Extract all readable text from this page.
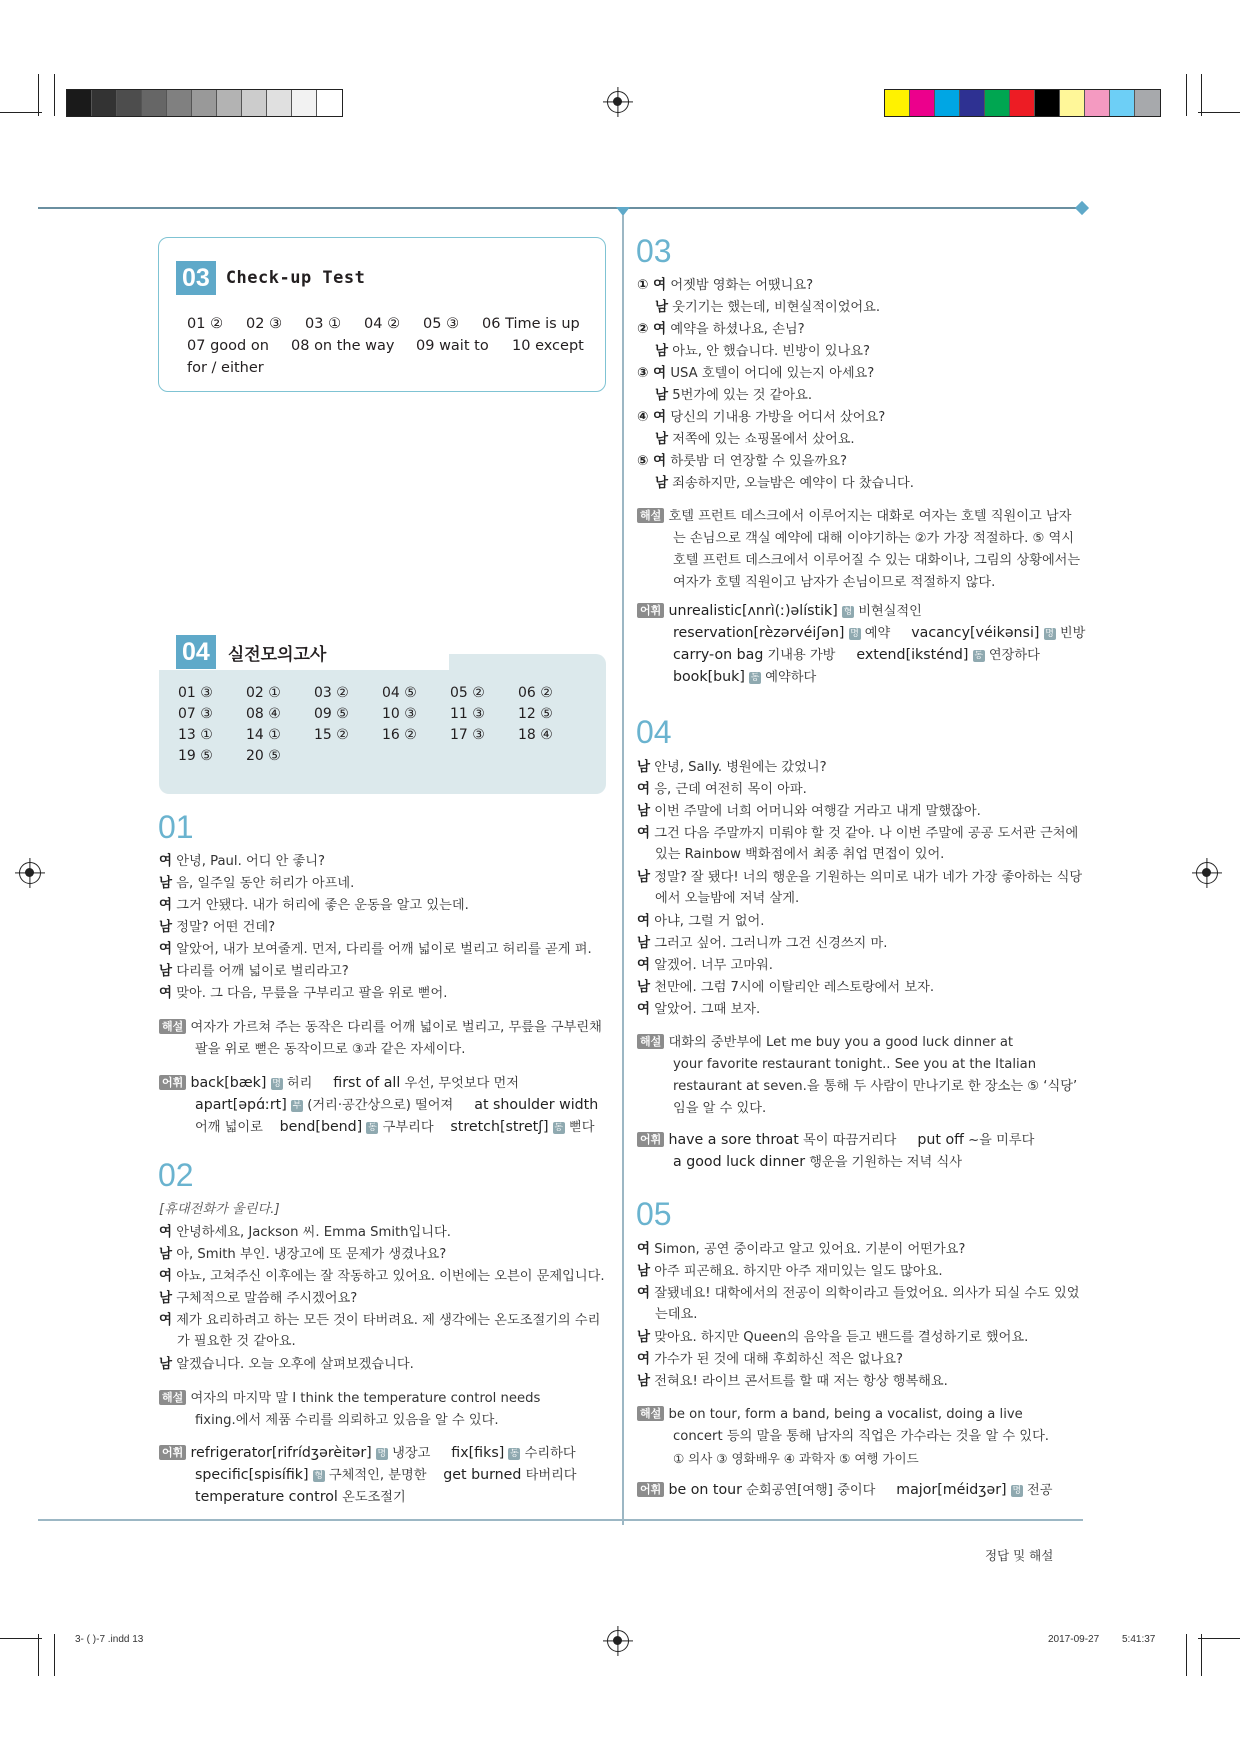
03 Check-up Test
01 ②	02 ③	03 ①	04 ②	05 ③	06 Time is up
07 good on	08 on the way	09 wait to	10 except
for / either
04	실전모의고사
01 ③	02 ①	03 ②	04 ⑤	05 ②	06 ②
07 ③	08 ④	09 ⑤	10 ③	11 ③	12 ⑤
13 ①	14 ①	15 ②	16 ②	17 ③	18 ④
19 ⑤	20 ⑤
01
여 안녕, Paul. 어디 안 좋니?
남 음, 일주일 동안 허리가 아프네.
여 그거 안됐다. 내가 허리에 좋은 운동을 알고 있는데.
남 정말? 어떤 건데?
여 알았어, 내가 보여줄게. 먼저, 다리를 어깨 넓이로 벌리고 허리를 곧게 펴.
남 다리를 어깨 넓이로 벌리라고?
여 맞아. 그 다음, 무릎을 구부리고 팔을 위로 뻗어.
해설 여자가 가르쳐 주는 동작은 다리를 어깨 넓이로 벌리고, 무릎을 구부린채
팔을 위로 뻗은 동작이므로 ③과 같은 자세이다.
어휘 back[bæk] 명 허리 first of all 우선, 무엇보다 먼저
apart[əpɑ́ːrt] 부 (거리·공간상으로) 떨어져 at shoulder width
어깨 넓이로 bend[bend] 동 구부리다 stretch[stretʃ] 동 뻗다
02
[휴대전화가 울린다.]
여 안녕하세요, Jackson 씨. Emma Smith입니다.
남 아, Smith 부인. 냉장고에 또 문제가 생겼나요?
여 아뇨, 고쳐주신 이후에는 잘 작동하고 있어요. 이번에는 오븐이 문제입니다.
남 구체적으로 말씀해 주시겠어요?
여 제가 요리하려고 하는 모든 것이 타버려요. 제 생각에는 온도조절기의 수리
가 필요한 것 같아요.
남 알겠습니다. 오늘 오후에 살펴보겠습니다.
해설 여자의 마지막 말 I think the temperature control needs
fixing.에서 제품 수리를 의뢰하고 있음을 알 수 있다.
어휘 refrigerator[rifrídʒərèitər] 명 냉장고 fix[fiks] 동 수리하다
specific[spisífik] 형 구체적인, 분명한 get burned 타버리다
temperature control 온도조절기
03
① 여 어젯밤 영화는 어땠니요?
남 웃기기는 했는데, 비현실적이었어요.
② 여 예약을 하셨나요, 손님?
남 아뇨, 안 했습니다. 빈방이 있나요?
③ 여 USA 호텔이 어디에 있는지 아세요?
남 5번가에 있는 것 같아요.
④ 여 당신의 기내용 가방을 어디서 샀어요?
남 저쪽에 있는 쇼핑몰에서 샀어요.
⑤ 여 하룻밤 더 연장할 수 있을까요?
남 죄송하지만, 오늘밤은 예약이 다 찼습니다.
해설 호텔 프런트 데스크에서 이루어지는 대화로 여자는 호텔 직원이고 남자
는 손님으로 객실 예약에 대해 이야기하는 ②가 가장 적절하다. ⑤ 역시
호텔 프런트 데스크에서 이루어질 수 있는 대화이나, 그림의 상황에서는
여자가 호텔 직원이고 남자가 손님이므로 적절하지 않다.
어휘 unrealistic[ʌnrì(ː)əlístik] 형 비현실적인
reservation[rèzərvéiʃən] 명 예약 vacancy[véikənsi] 명 빈방
carry-on bag 기내용 가방 extend[iksténd] 동 연장하다
book[buk] 동 예약하다
04
남 안녕, Sally. 병원에는 갔었니?
여 응, 근데 여전히 목이 아파.
남 이번 주말에 너희 어머니와 여행갈 거라고 내게 말했잖아.
여 그건 다음 주말까지 미뤄야 할 것 같아. 나 이번 주말에 공공 도서관 근처에
있는 Rainbow 백화점에서 최종 취업 면접이 있어.
남 정말? 잘 됐다! 너의 행운을 기원하는 의미로 내가 네가 가장 좋아하는 식당
에서 오늘밤에 저녁 살게.
여 아냐, 그럴 거 없어.
남 그러고 싶어. 그러니까 그건 신경쓰지 마.
여 알겠어. 너무 고마워.
남 천만에. 그럼 7시에 이탈리안 레스토랑에서 보자.
여 알았어. 그때 보자.
해설 대화의 중반부에 Let me buy you a good luck dinner at
your favorite restaurant tonight.. See you at the Italian
restaurant at seven.을 통해 두 사람이 만나기로 한 장소는 ⑤ ‘식당’
임을 알 수 있다.
어휘 have a sore throat 목이 따끔거리다 put off ~을 미루다
a good luck dinner 행운을 기원하는 저녁 식사
05
여 Simon, 공연 중이라고 알고 있어요. 기분이 어떤가요?
남 아주 피곤해요. 하지만 아주 재미있는 일도 많아요.
여 잘됐네요! 대학에서의 전공이 의학이라고 들었어요. 의사가 되실 수도 있었
는데요.
남 맞아요. 하지만 Queen의 음악을 듣고 밴드를 결성하기로 했어요.
여 가수가 된 것에 대해 후회하신 적은 없나요?
남 전혀요! 라이브 콘서트를 할 때 저는 항상 행복해요.
해설 be on tour, form a band, being a vocalist, doing a live
concert 등의 말을 통해 남자의 직업은 가수라는 것을 알 수 있다.
① 의사 ③ 영화배우 ④ 과학자 ⑤ 여행 가이드
어휘 be on tour 순회공연[여행] 중이다 major[méidʒər] 명 전공
정답 및 해설
3- ( )-7 .indd 13	2017-09-27 5:41:37
